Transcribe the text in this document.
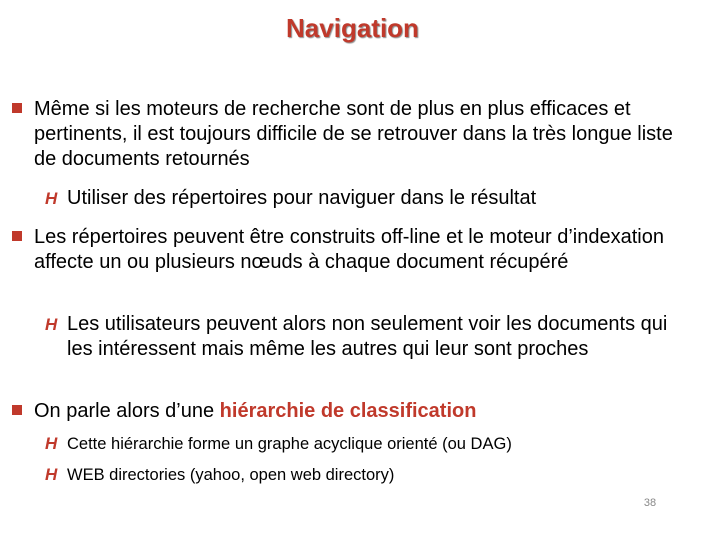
Navigation
Même si les moteurs de recherche sont de plus en plus efficaces et pertinents, il est toujours difficile de se retrouver dans la très longue liste de documents retournés
H Utiliser des répertoires pour naviguer dans le résultat
Les répertoires peuvent être construits off-line et le moteur d’indexation affecte un ou plusieurs nœuds à chaque document récupéré
H Les utilisateurs peuvent alors non seulement voir les documents qui les intéressent mais même les autres qui leur sont proches
On parle alors d’une hiérarchie de classification
H Cette hiérarchie forme un graphe acyclique orienté (ou DAG)
H WEB directories (yahoo, open web directory)
38
